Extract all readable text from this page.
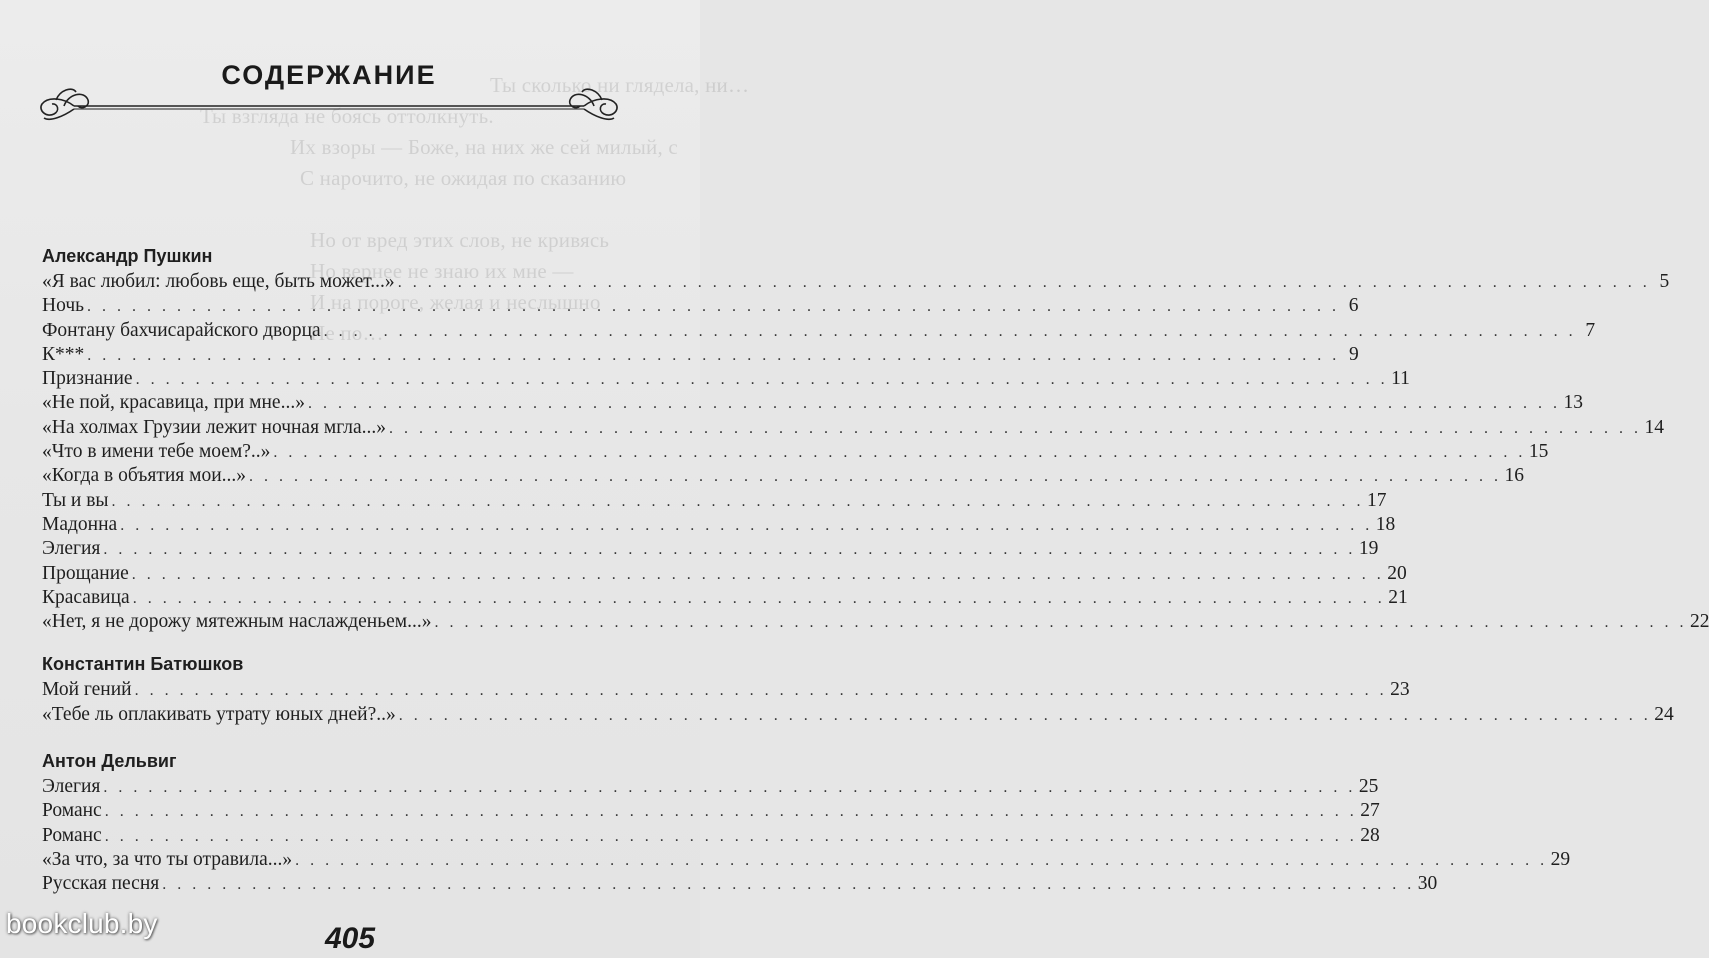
Ты сколько ни глядела, ни…
Ты взгляда не боясь оттолкнуть.
Их взоры — Боже, на них же сей милый, с
С нарочито, не ожидая по сказанию
Но от вред этих слов, не кривясь
Но вернее не знаю их мне —
И на пороге, желая и неслышно
Не по…
СОДЕРЖАНИЕ
Александр Пушкин
«Я вас любил: любовь еще, быть может...» . . .	5
Ночь . . .	6
Фонтану бахчисарайского дворца . . .	7
К*** . . .	9
Признание . . .	11
«Не пой, красавица, при мне...» . . .	13
«На холмах Грузии лежит ночная мгла...» . . .	14
«Что в имени тебе моем?..» . . .	15
«Когда в объятия мои...» . . .	16
Ты и вы . . .	17
Мадонна . . .	18
Элегия . . .	19
Прощание . . .	20
Красавица . . .	21
«Нет, я не дорожу мятежным наслажденьем...» . . .	22
Константин Батюшков
Мой гений . . .	23
«Тебе ль оплакивать утрату юных дней?..» . . .	24
Антон Дельвиг
Элегия . . .	25
Романс . . .	27
Романс . . .	28
«За что, за что ты отравила...» . . .	29
Русская песня . . .	30
405
bookclub.by
